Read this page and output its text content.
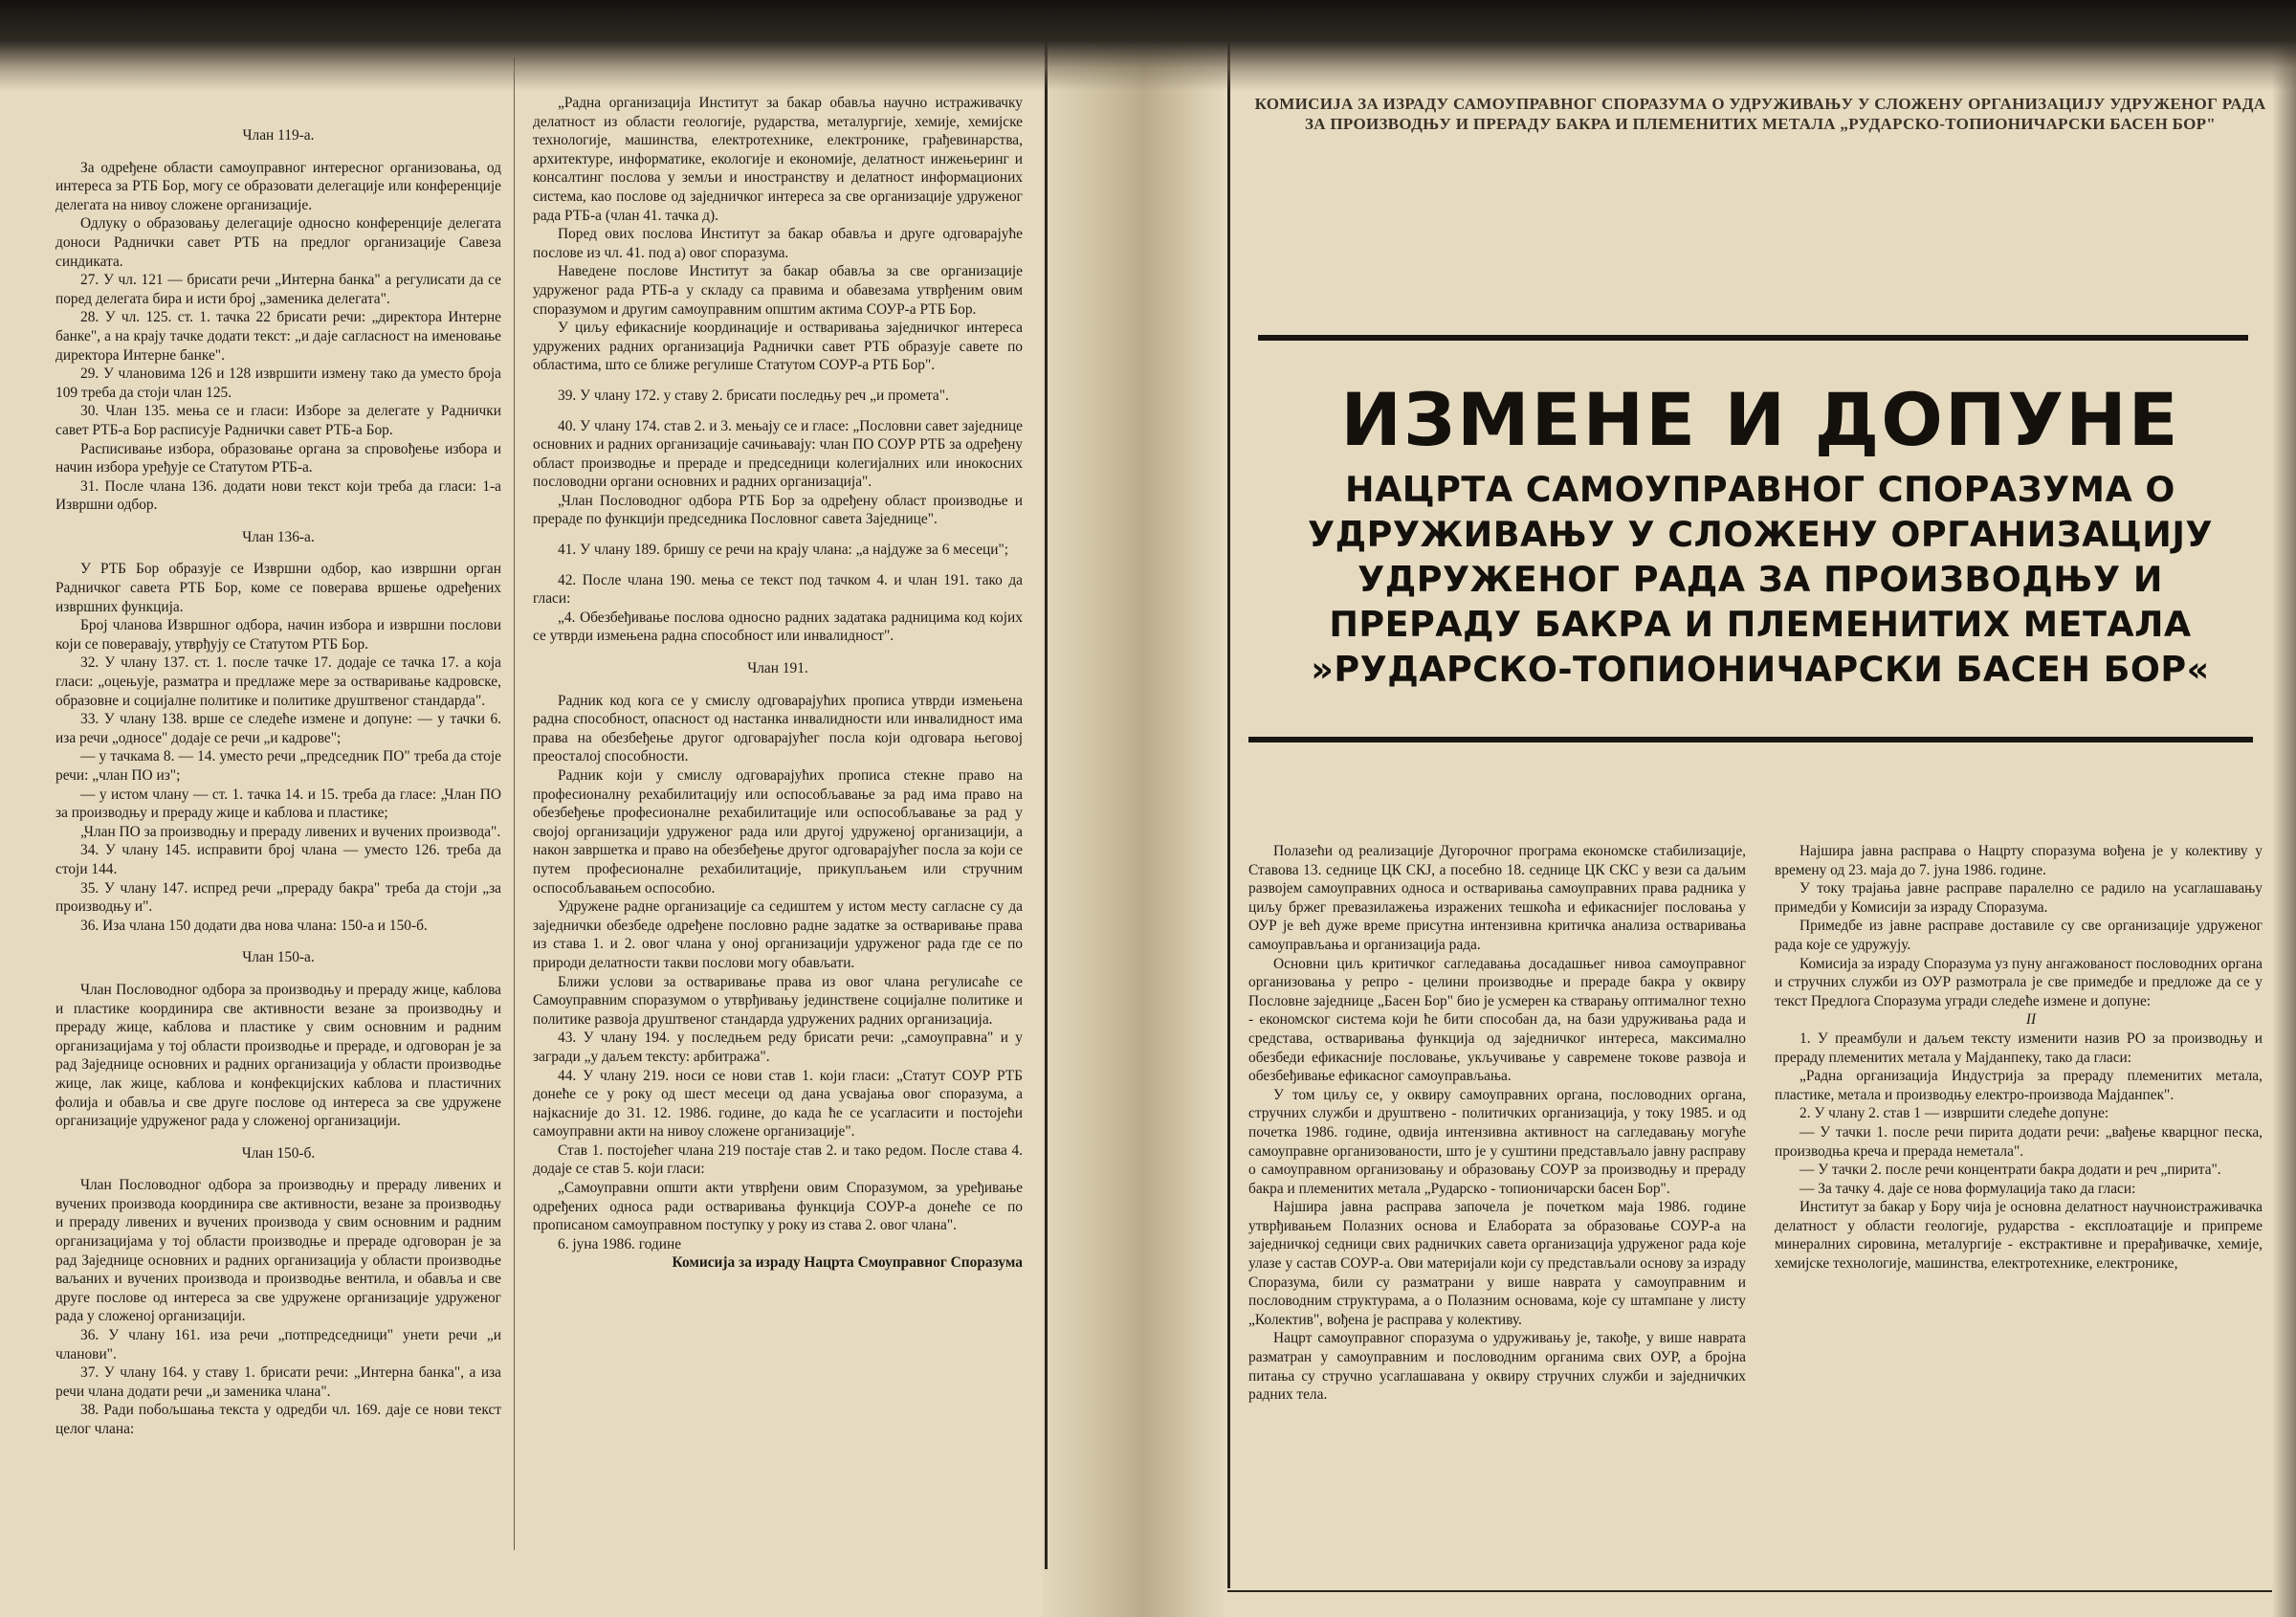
Члан 119-а.

За одређене области самоуправног интересног организовања, од интереса за РТБ Бор, могу се образовати делегације или конференције делегата на нивоу сложене организације.

Одлуку о образовању делегације односно конференције делегата доноси Раднички савет РТБ на предлог организације Савеза синдиката.

27. У чл. 121 — брисати речи „Интерна банка" а регулисати да се поред делегата бира и исти број „заменика делегата".

28. У чл. 125. ст. 1. тачка 22 брисати речи: „директора Интерне банке", а на крају тачке додати текст: „и даје сагласност на именовање директора Интерне банке".

29. У члановима 126 и 128 извршити измену тако да уместо броја 109 треба да стоји члан 125.

30. Члан 135. мења се и гласи: Изборе за делегате у Раднички савет РТБ-а Бор расписује Раднички савет РТБ-а Бор.

Расписивање избора, образовање органа за спровођење избора и начин избора уређује се Статутом РТБ-а.

31. После члана 136. додати нови текст који треба да гласи: 1-а Извршни одбор.

Члан 136-а.

У РТБ Бор образује се Извршни одбор, као извршни орган Радничког савета РТБ Бор, коме се поверава вршење одређених извршних функција.

Број чланова Извршног одбора, начин избора и извршни послови који се поверавају, утврђују се Статутом РТБ Бор.

32. У члану 137. ст. 1. после тачке 17. додаје се тачка 17. а која гласи: „оцењује, разматра и предлаже мере за остваривање кадровске, образовне и социјалне политике и политике друштвеног стандарда".

33. У члану 138. врше се следеће измене и допуне: — у тачки 6. иза речи „односе" додаје се речи „и кадрове";

— у тачкама 8. — 14. уместо речи „председник ПО" треба да стоје речи: „члан ПО из";

— у истом члану — ст. 1. тачка 14. и 15. треба да гласе: „Члан ПО за производњу и прераду жице и каблова и пластике;

„Члан ПО за производњу и прераду ливених и вучених производа".

34. У члану 145. исправити број члана — уместо 126. треба да стоји 144.

35. У члану 147. испред речи „прераду бакра" треба да стоји „за производњу и".

36. Иза члана 150 додати два нова члана: 150-а и 150-б.

Члан 150-а.

Члан Пословодног одбора за производњу и прераду жице, каблова и пластике координира све активности везане за производњу и прераду жице, каблова и пластике у свим основним и радним организацијама у тој области производње и прераде, и одговоран је за рад Заједнице основних и радних организација у области производње жице, лак жице, каблова и конфекцијских каблова и пластичних фолија и обавља и све друге послове од интереса за све удружене организације удруженог рада у сложеној организацији.

Члан 150-б.

Члан Пословодног одбора за производњу и прераду ливених и вучених производа координира све активности, везане за производњу и прераду ливених и вучених производа у свим основним и радним организацијама у тој области производње и прераде одговоран је за рад Заједнице основних и радних организација у области производње ваљаних и вучених производа и производње вентила, и обавља и све друге послове од интереса за све удружене организације удруженог рада у сложеној организацији.

36. У члану 161. иза речи „потпредседници" унети речи „и чланови".

37. У члану 164. у ставу 1. брисати речи: „Интерна банка", а иза речи члана додати речи „и заменика члана".

38. Ради побољшања текста у одредби чл. 169. даје се нови текст целог члана:

„Радна организација Институт за бакар обавља научно истраживачку делатност из области геологије, рударства, металургије, хемије, хемијске технологије, машинства, електротехнике, електронике, грађевинарства, архитектуре, информатике, екологије и економије, делатност инжењеринг и консалтинг послова у земљи и иностранству и делатност информационих система, као послове од заједничког интереса за све организације удруженог рада РТБ-а (члан 41. тачка д).

Поред ових послова Институт за бакар обавља и друге одговарајуће послове из чл. 41. под а) овог споразума.

Наведене послове Институт за бакар обавља за све организације удруженог рада РТБ-а у складу са правима и обавезама утврђеним овим споразумом и другим самоуправним општим актима СОУР-а РТБ Бор.

У циљу ефикасније координације и остваривања заједничког интереса удружених радних организација Раднички савет РТБ образује савете по областима, што се ближе регулише Статутом СОУР-а РТБ Бор".

39. У члану 172. у ставу 2. брисати последњу реч „и промета".

40. У члану 174. став 2. и 3. мењају се и гласе: „Пословни савет заједнице основних и радних организације сачињавају: члан ПО СОУР РТБ за одређену област производње и прераде и председници колегијалних или инокосних пословодни органи основних и радних организација".

„Члан Пословодног одбора РТБ Бор за одређену област производње и прераде по функцији председника Пословног савета Заједнице".

41. У члану 189. бришу се речи на крају члана: „а најдуже за 6 месеци";

42. После члана 190. мења се текст под тачком 4. и члан 191. тако да гласи:

„4. Обезбеђивање послова односно радних задатака радницима код којих се утврди измењена радна способност или инвалидност".

Члан 191.

Радник код кога се у смислу одговарајућих прописа утврди измењена радна способност, опасност од настанка инвалидности или инвалидност има права на обезбеђење другог одговарајућег посла који одговара његовој преосталој способности.

Радник који у смислу одговарајућих прописа стекне право на професионалну рехабилитацију или оспособљавање за рад има право на обезбеђење професионалне рехабилитације или оспособљавање за рад у својој организацији удруженог рада или другој удруженој организацији, а након завршетка и право на обезбеђење другог одговарајућег посла за који се путем професионалне рехабилитације, прикупљањем или стручним оспособљавањем оспособио.

Удружене радне организације са седиштем у истом месту сагласне су да заједнички обезбеде одређене пословно радне задатке за остваривање права из става 1. и 2. овог члана у оној организацији удруженог рада где се по природи делатности такви послови могу обављати.

Ближи услови за остваривање права из овог члана регулисаће се Самоуправним споразумом о утврђивању јединствене социјалне политике и политике развоја друштвеног стандарда удружених радних организација.

43. У члану 194. у последњем реду брисати речи: „самоуправна" и у загради „у даљем тексту: арбитража".

44. У члану 219. носи се нови став 1. који гласи: „Статут СОУР РТБ донеће се у року од шест месеци од дана усвајања овог споразума, а најкасније до 31. 12. 1986. године, до када ће се усагласити и постојећи самоуправни акти на нивоу сложене организације".

Став 1. постојећег члана 219 постаје став 2. и тако редом. После става 4. додаје се став 5. који гласи:

„Самоуправни општи акти утврђени овим Споразумом, за уређивање одређених односа ради остваривања функција СОУР-а донеће се по прописаном самоуправном поступку у року из става 2. овог члана".

6. јуна 1986. године

Комисија за израду Нацрта Смоуправног Споразума

КОМИСИЈА ЗА ИЗРАДУ САМОУПРАВНОГ СПОРАЗУМА О УДРУЖИВАЊУ У СЛОЖЕНУ ОРГАНИЗАЦИЈУ УДРУЖЕНОГ РАДА ЗА ПРОИЗВОДЊУ И ПРЕРАДУ БАКРА И ПЛЕМЕНИТИХ МЕТАЛА „РУДАРСКО-ТОПИОНИЧАРСКИ БАСЕН БОР"
ИЗМЕНЕ И ДОПУНЕ
НАЦРТА САМОУПРАВНОГ СПОРАЗУМА О
УДРУЖИВАЊУ У СЛОЖЕНУ ОРГАНИЗАЦИЈУ
УДРУЖЕНОГ РАДА ЗА ПРОИЗВОДЊУ И
ПРЕРАДУ БАКРА И ПЛЕМЕНИТИХ МЕТАЛА
»РУДАРСКО-ТОПИОНИЧАРСКИ БАСЕН БОР«

Полазећи од реализације Дугорочног програма економске стабилизације, Ставова 13. седнице ЦК СКЈ, а посебно 18. седнице ЦК СКС у вези са даљим развојем самоуправних односа и остваривања самоуправних права радника у циљу бржег превазилажења изражених тешкоћа и ефикаснијег пословања у ОУР је већ дуже време присутна интензивна критичка анализа остваривања самоуправљања и организација рада.

Основни циљ критичког сагледавања досадашњег нивоа самоуправног организовања у репро - целини производње и прераде бакра у оквиру Пословне заједнице „Басен Бор" био је усмерен ка стварању оптималног техно - економског система који ће бити способан да, на бази удруживања рада и средстава, остваривања функција од заједничког интереса, максимално обезбеди ефикасније пословање, укључивање у савремене токове развоја и обезбеђивање ефикасног самоуправљања.

У том циљу се, у оквиру самоуправних органа, пословодних органа, стручних служби и друштвено - политичких организација, у току 1985. и од почетка 1986. године, одвија интензивна активност на сагледавању могуће самоуправне организованости, што је у суштини представљало јавну расправу о самоуправном организовању и образовању СОУР за производњу и прераду бакра и племенитих метала „Рударско - топионичарски басен Бор".

Најшира јавна расправа започела је почетком маја 1986. године утврђивањем Полазних основа и Елабората за образовање СОУР-а на заједничкој седници свих радничких савета организација удруженог рада које улазе у састав СОУР-а. Ови материјали који су представљали основу за израду Споразума, били су разматрани у више наврата у самоуправним и пословодним структурама, а о Полазним основама, које су штампане у листу „Колектив", вођена је расправа у колективу.

Нацрт самоуправног споразума о удруживању је, такође, у више наврата разматран у самоуправним и пословодним органима свих ОУР, а бројна питања су стручно усаглашавана у оквиру стручних служби и заједничких радних тела.

Најшира јавна расправа о Нацрту споразума вођена је у колективу у времену од 23. маја до 7. јуна 1986. године.

У току трајања јавне расправе паралелно се радило на усаглашавању примедби у Комисији за израду Споразума.

Примедбе из јавне расправе доставиле су све организације удруженог рада које се удружују.

Комисија за израду Споразума уз пуну ангажованост пословодних органа и стручних служби из ОУР размотрала је све примедбе и предложе да се у текст Предлога Споразума угради следеће измене и допуне:

II

1. У преамбули и даљем тексту изменити назив РО за производњу и прераду племенитих метала у Мајданпеку, тако да гласи:

„Радна организација Индустрија за прераду племенитих метала, пластике, метала и производњу електро-производа Мајданпек".

2. У члану 2. став 1 — извршити следеће допуне:

— У тачки 1. после речи пирита додати речи: „вађење кварцног песка, производња креча и прерада неметала".

— У тачки 2. после речи концентрати бакра додати и реч „пирита".

— За тачку 4. даје се нова формулација тако да гласи:

Институт за бакар у Бору чија је основна делатност научноистраживачка делатност у области геологије, рударства - експлоатације и припреме минералних сировина, металургије - екстрактивне и прерађивачке, хемије, хемијске технологије, машинства, електротехнике, електронике,
